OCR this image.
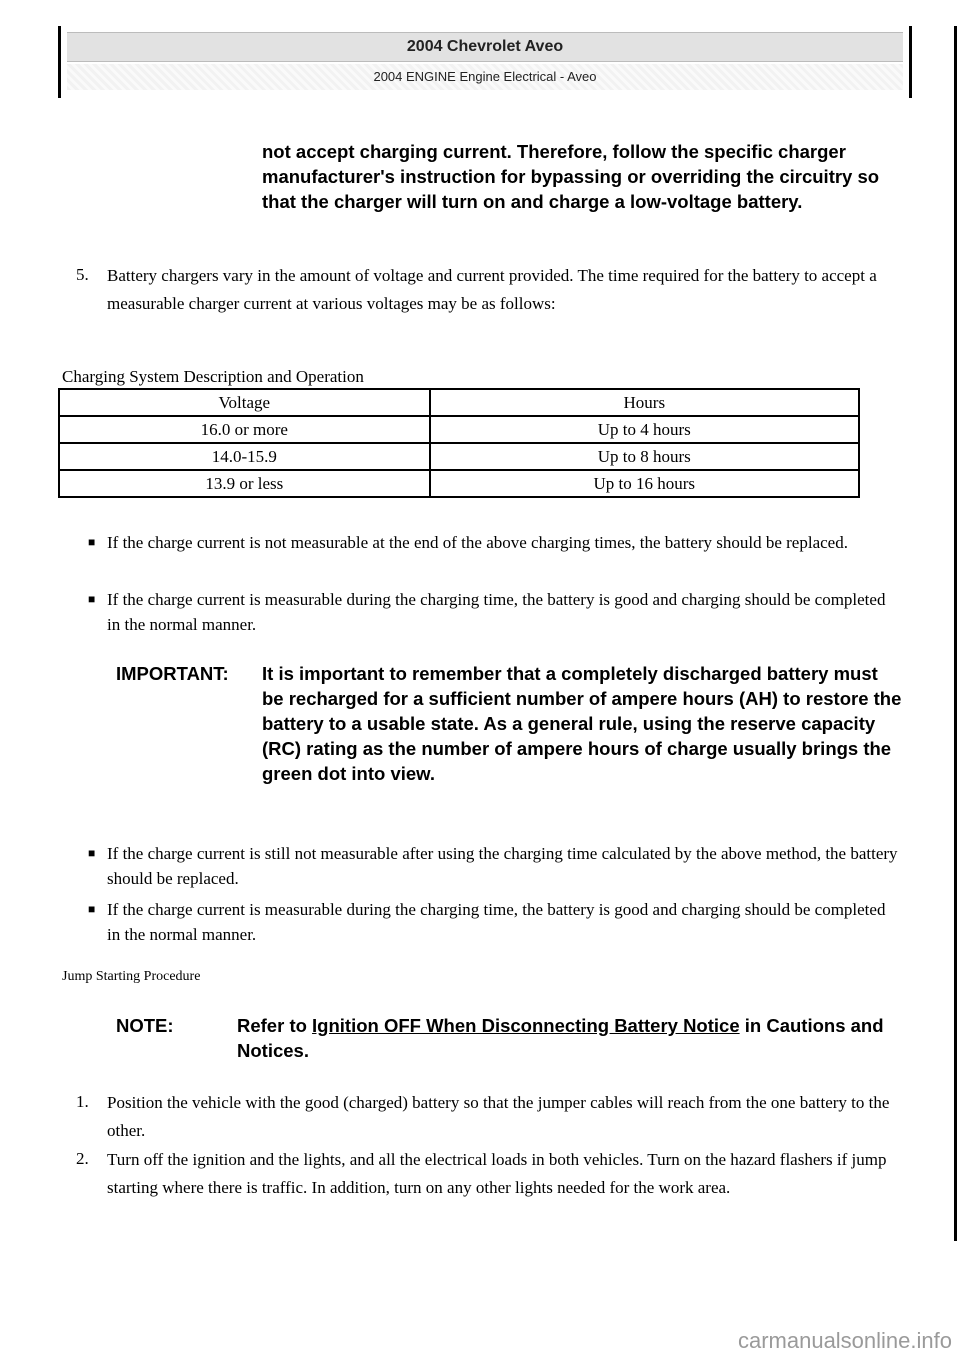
2004 Chevrolet Aveo
2004 ENGINE Engine Electrical - Aveo

not accept charging current. Therefore, follow the specific charger manufacturer's instruction for bypassing or overriding the circuitry so that the charger will turn on and charge a low-voltage battery.

5. Battery chargers vary in the amount of voltage and current provided. The time required for the battery to accept a measurable charger current at various voltages may be as follows:

Charging System Description and Operation

Voltage	Hours
16.0 or more	Up to 4 hours
14.0-15.9	Up to 8 hours
13.9 or less	Up to 16 hours
■ If the charge current is not measurable at the end of the above charging times, the battery should be replaced.

■ If the charge current is measurable during the charging time, the battery is good and charging should be completed in the normal manner.

IMPORTANT: It is important to remember that a completely discharged battery must be recharged for a sufficient number of ampere hours (AH) to restore the battery to a usable state. As a general rule, using the reserve capacity (RC) rating as the number of ampere hours of charge usually brings the green dot into view.

■ If the charge current is still not measurable after using the charging time calculated by the above method, the battery should be replaced.

■ If the charge current is measurable during the charging time, the battery is good and charging should be completed in the normal manner.

Jump Starting Procedure

NOTE:	Refer to Ignition OFF When Disconnecting Battery Notice in Cautions and Notices.

1. Position the vehicle with the good (charged) battery so that the jumper cables will reach from the one battery to the other.

2. Turn off the ignition and the lights, and all the electrical loads in both vehicles. Turn on the hazard flashers if jump starting where there is traffic. In addition, turn on any other lights needed for the work area.

carmanualsonline.info
